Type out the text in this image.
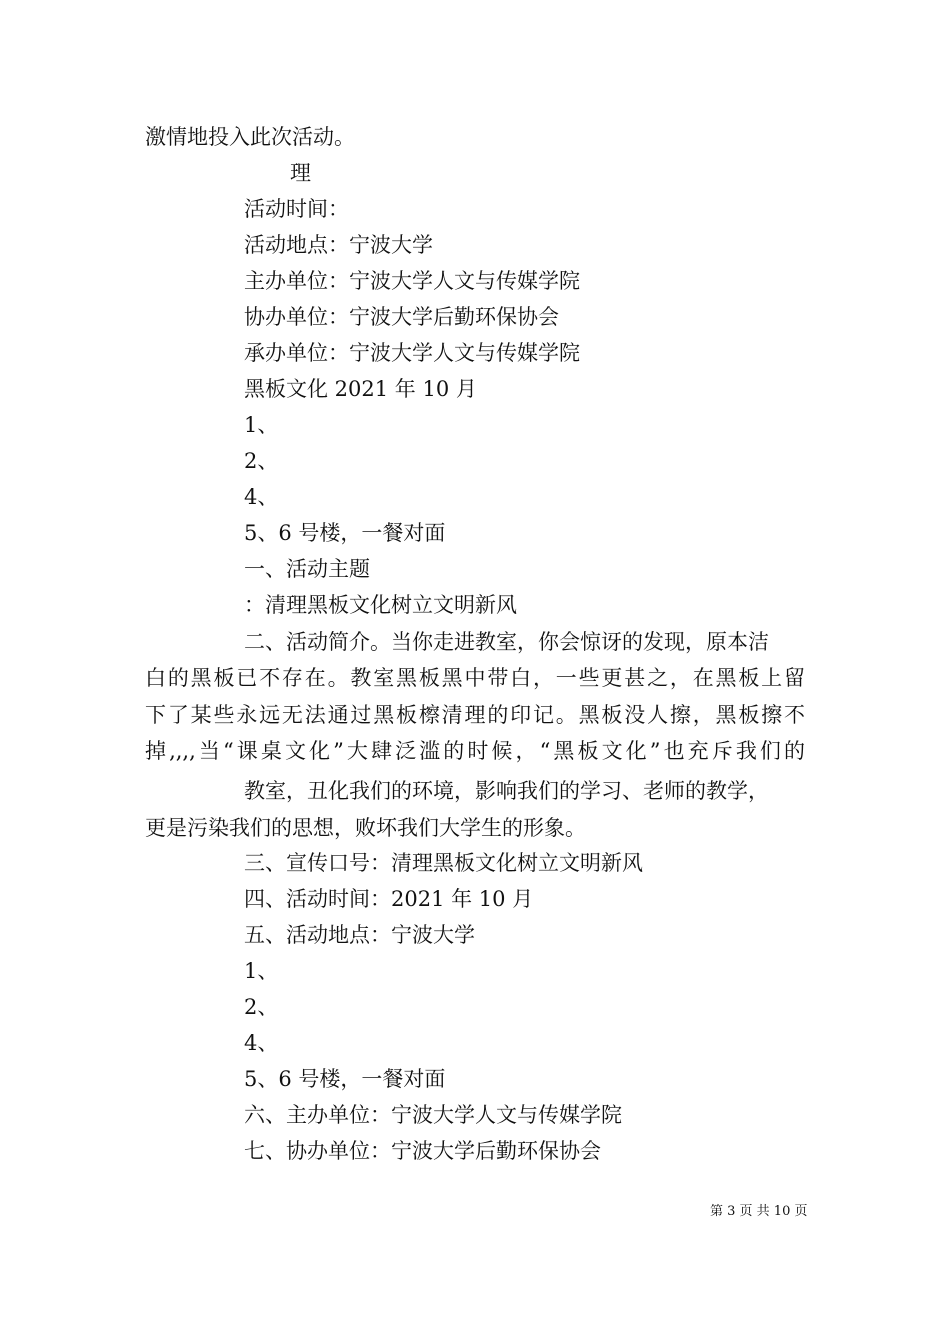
激情地投入此次活动。

理

活动时间：

活动地点：宁波大学

主办单位：宁波大学人文与传媒学院

协办单位：宁波大学后勤环保协会

承办单位：宁波大学人文与传媒学院

黑板文化 2021 年 10 月

1、

2、

4、

5、6 号楼，一餐对面

一、活动主题

：清理黑板文化树立文明新风

二、活动简介。当你走进教室，你会惊讶的发现，原本洁

白的黑板已不存在。教室黑板黑中带白，一些更甚之，在黑板上留

下了某些永远无法通过黑板檫清理的印记。黑板没人擦，黑板擦不

掉,,,,当“课桌文化”大肆泛滥的时候，“黑板文化”也充斥我们的

教室，丑化我们的环境，影响我们的学习、老师的教学，

更是污染我们的思想，败坏我们大学生的形象。

三、宣传口号：清理黑板文化树立文明新风

四、活动时间：2021 年 10 月

五、活动地点：宁波大学

1、

2、

4、

5、6 号楼，一餐对面

六、主办单位：宁波大学人文与传媒学院

七、协办单位：宁波大学后勤环保协会

第 3 页 共 10 页
